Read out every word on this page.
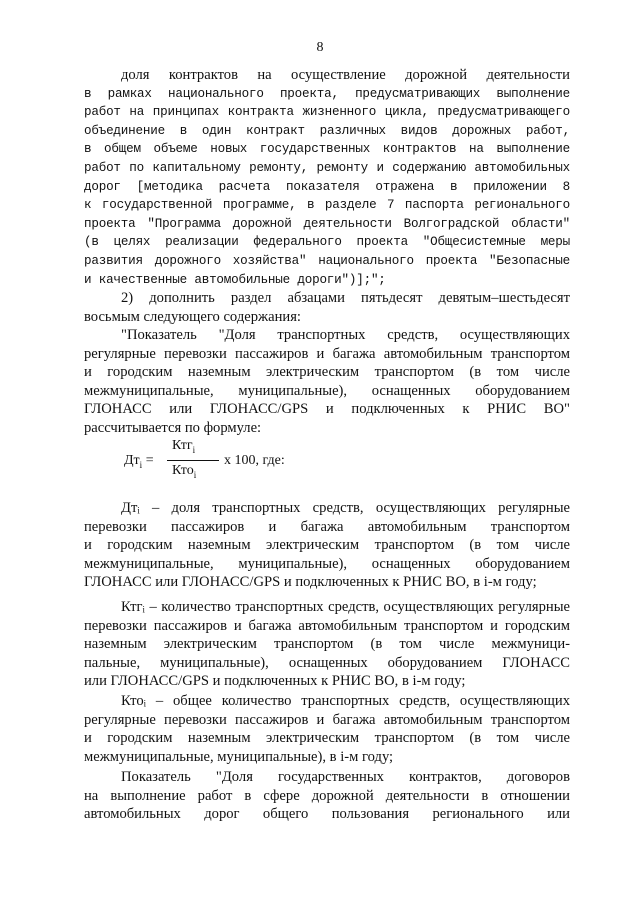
8
доля контрактов на осуществление дорожной деятельности
в рамках национального проекта, предусматривающих выполнение
работ на принципах контракта жизненного цикла, предусматривающего
объединение в один контракт различных видов дорожных работ,
в общем объеме новых государственных контрактов на выполнение
работ по капитальному ремонту, ремонту и содержанию автомобильных
дорог [методика расчета показателя отражена в приложении 8
к государственной программе, в разделе 7 паспорта регионального
проекта "Программа дорожной деятельности Волгоградской области"
(в целях реализации федерального проекта "Общесистемные меры
развития дорожного хозяйства" национального проекта "Безопасные
и качественные автомобильные дороги")];";
2) дополнить раздел абзацами пятьдесят девятым–шестьдесят
восьмым следующего содержания:
"Показатель "Доля транспортных средств, осуществляющих
регулярные перевозки пассажиров и багажа автомобильным транспортом
и городским наземным электрическим транспортом (в том числе
межмуниципальные, муниципальные), оснащенных оборудованием
ГЛОНАСС или ГЛОНАСС/GPS и подключенных к РНИС ВО"
рассчитывается по формуле:
$Дт_i$ =
Ктг$_i$
Кто$_i$
x 100, где:
Дтᵢ – доля транспортных средств, осуществляющих регулярные
перевозки пассажиров и багажа автомобильным транспортом
и городским наземным электрическим транспортом (в том числе
межмуниципальные, муниципальные), оснащенных оборудованием
ГЛОНАСС или ГЛОНАСС/GPS и подключенных к РНИС ВО, в i-м году;
Ктгᵢ – количество транспортных средств, осуществляющих регулярные
перевозки пассажиров и багажа автомобильным транспортом и городским
наземным электрическим транспортом (в том числе межмуници-
пальные, муниципальные), оснащенных оборудованием ГЛОНАСС
или ГЛОНАСС/GPS и подключенных к РНИС ВО, в i-м году;
Ктоᵢ – общее количество транспортных средств, осуществляющих
регулярные перевозки пассажиров и багажа автомобильным транспортом
и городским наземным электрическим транспортом (в том числе
межмуниципальные, муниципальные), в i-м году;
Показатель "Доля государственных контрактов, договоров
на выполнение работ в сфере дорожной деятельности в отношении
автомобильных дорог общего пользования регионального или
